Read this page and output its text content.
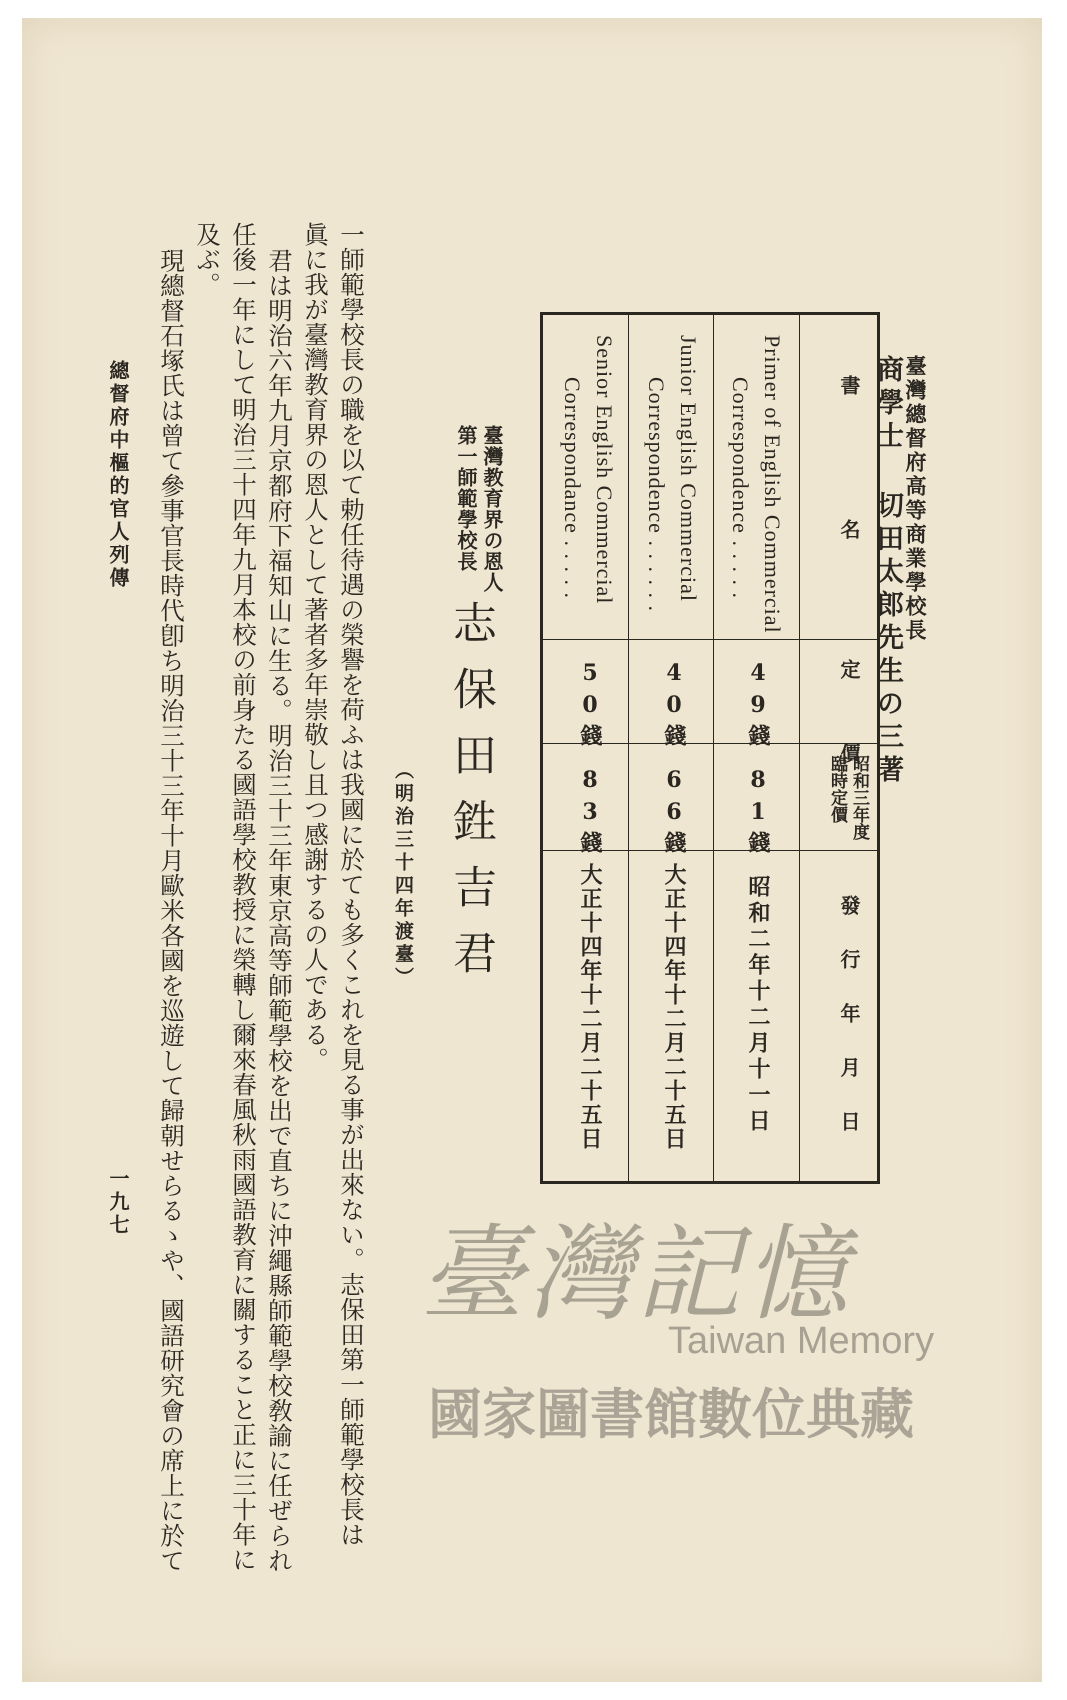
臺灣總督府高等商業學校長
商學士 切田太郎先生の三著
書　　名
定　價
昭和三年度
臨時定價
發行年月日
Primer of English Commercial
Correspondence . . . . .
49錢
81錢
昭和二年十二月十一日
Junior English Commercial
Correspondence . . . . . .
40錢
66錢
大正十四年十二月二十五日
Senior English Commercial
Correspondance . . . . .
50錢
83錢
大正十四年十二月二十五日
臺灣教育界の恩人
第一師範學校長
志保田鉎吉君
（明治三十四年渡臺）
一師範學校長の職を以て勅任待遇の榮譽を荷ふは我國に於ても多くこれを見る事が出來ない。志保田第一師範學校長は
眞に我が臺灣教育界の恩人として著者多年崇敬し且つ感謝するの人である。
君は明治六年九月京都府下福知山に生る。明治三十三年東京高等師範學校を出で直ちに沖繩縣師範學校敎諭に任ぜられ
任後一年にして明治三十四年九月本校の前身たる國語學校教授に榮轉し爾來春風秋雨國語教育に關すること正に三十年に
及ぶ。
現總督石塚氏は曾て參事官長時代卽ち明治三十三年十月歐米各國を巡遊して歸朝せらるゝや、國語研究會の席上に於て
總督府中樞的官人列傳
一九七
臺灣記憶
Taiwan Memory
國家圖書館數位典藏
